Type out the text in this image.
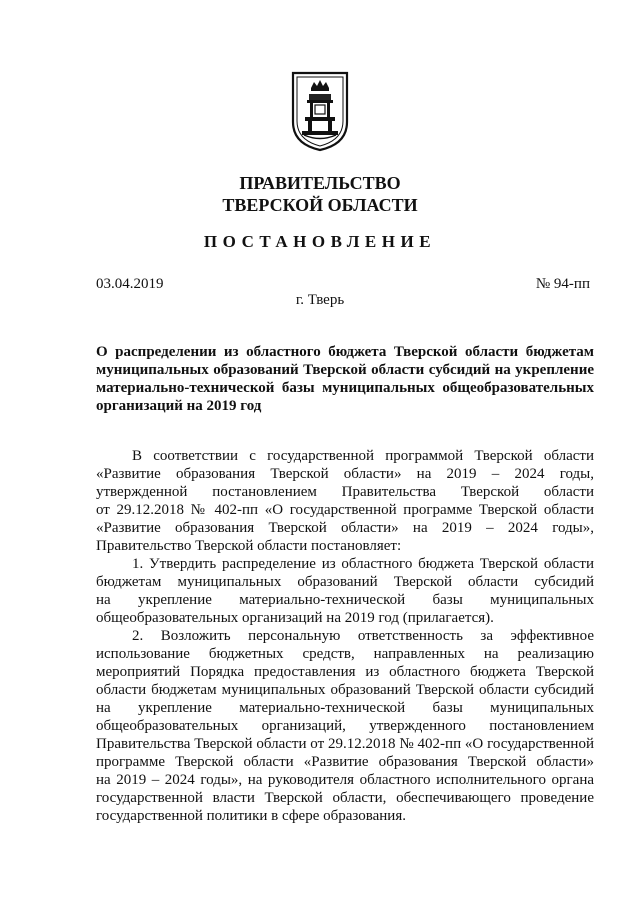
ПРАВИТЕЛЬСТВО
ТВЕРСКОЙ ОБЛАСТИ
ПОСТАНОВЛЕНИЕ
03.04.2019	№ 94-пп
г. Тверь
О распределении из областного бюджета Тверской области бюджетам
муниципальных образований Тверской области субсидий на укрепление
материально-технической базы муниципальных общеобразовательных
организаций на 2019 год
В соответствии с государственной программой Тверской области
«Развитие образования Тверской области» на 2019 – 2024 годы,
утвержденной постановлением Правительства Тверской области
от 29.12.2018 № 402-пп «О государственной программе Тверской области
«Развитие образования Тверской области» на 2019 – 2024 годы»,
Правительство Тверской области постановляет:
1. Утвердить распределение из областного бюджета Тверской области
бюджетам муниципальных образований Тверской области субсидий
на укрепление материально-технической базы муниципальных
общеобразовательных организаций на 2019 год (прилагается).
2. Возложить персональную ответственность за эффективное
использование бюджетных средств, направленных на реализацию
мероприятий Порядка предоставления из областного бюджета Тверской
области бюджетам муниципальных образований Тверской области субсидий
на укрепление материально-технической базы муниципальных
общеобразовательных организаций, утвержденного постановлением
Правительства Тверской области от 29.12.2018 № 402-пп «О государственной
программе Тверской области «Развитие образования Тверской области»
на 2019 – 2024 годы», на руководителя областного исполнительного органа
государственной власти Тверской области, обеспечивающего проведение
государственной политики в сфере образования.
